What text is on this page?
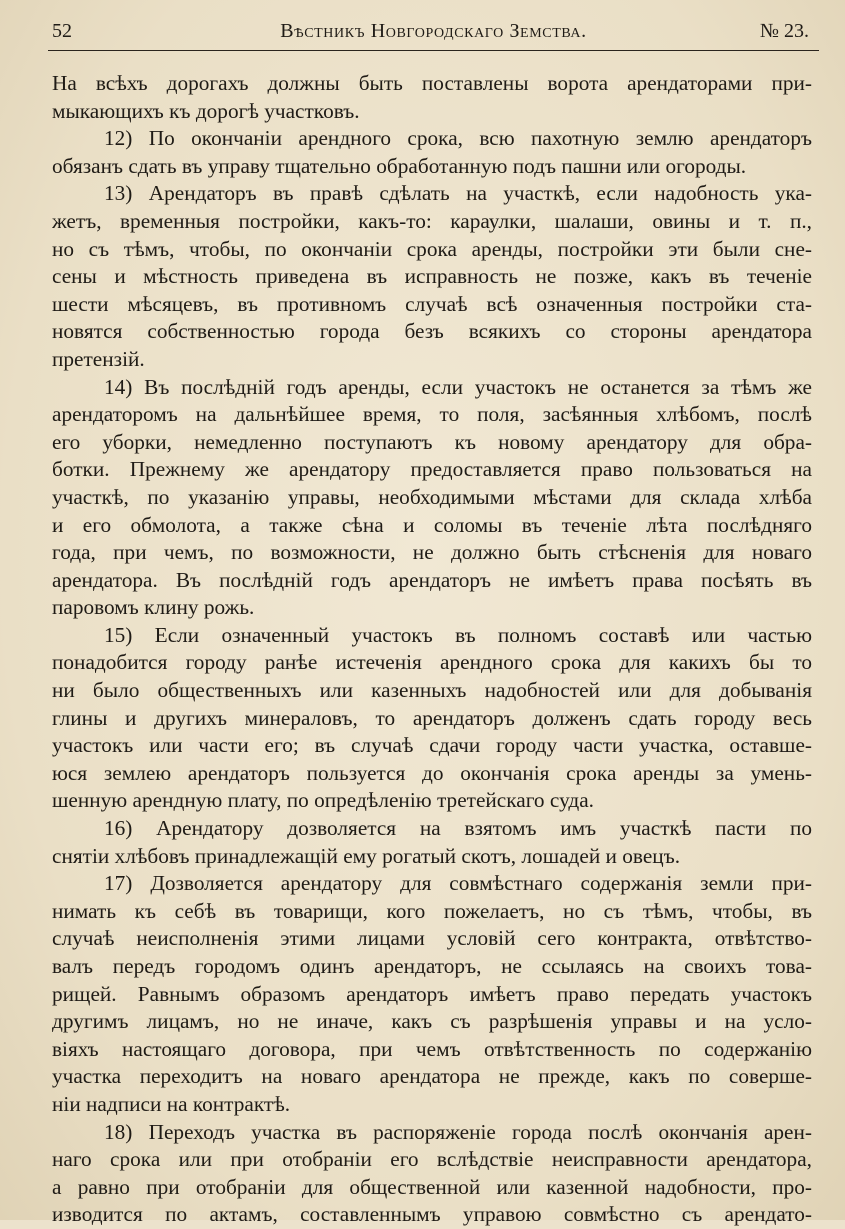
52	Вѣстникъ Новгородскаго Земства.	№ 23.
На всѣхъ дорогахъ должны быть поставлены ворота арендаторами при-
мыкающихъ къ дорогѣ участковъ.
12) По окончаніи арендного срока, всю пахотную землю арендаторъ
обязанъ сдать въ управу тщательно обработанную подъ пашни или огороды.
13) Арендаторъ въ правѣ сдѣлать на участкѣ, если надобность ука-
жетъ, временныя постройки, какъ-то: караулки, шалаши, овины и т. п.,
но съ тѣмъ, чтобы, по окончаніи срока аренды, постройки эти были сне-
сены и мѣстность приведена въ исправность не позже, какъ въ теченіе
шести мѣсяцевъ, въ противномъ случаѣ всѣ означенныя постройки ста-
новятся собственностью города безъ всякихъ со стороны арендатора
претензій.
14) Въ послѣдній годъ аренды, если участокъ не останется за тѣмъ же
арендаторомъ на дальнѣйшее время, то поля, засѣянныя хлѣбомъ, послѣ
его уборки, немедленно поступаютъ къ новому арендатору для обра-
ботки. Прежнему же арендатору предоставляется право пользоваться на
участкѣ, по указанію управы, необходимыми мѣстами для склада хлѣба
и его обмолота, а также сѣна и соломы въ теченіе лѣта послѣдняго
года, при чемъ, по возможности, не должно быть стѣсненія для новаго
арендатора. Въ послѣдній годъ арендаторъ не имѣетъ права посѣять въ
паровомъ клину рожь.
15) Если означенный участокъ въ полномъ составѣ или частью
понадобится городу ранѣе истеченія арендного срока для какихъ бы то
ни было общественныхъ или казенныхъ надобностей или для добыванія
глины и другихъ минераловъ, то арендаторъ долженъ сдать городу весь
участокъ или части его; въ случаѣ сдачи городу части участка, оставше-
юся землею арендаторъ пользуется до окончанія срока аренды за умень-
шенную арендную плату, по опредѣленію третейскаго суда.
16) Арендатору дозволяется на взятомъ имъ участкѣ пасти по
снятіи хлѣбовъ принадлежащій ему рогатый скотъ, лошадей и овецъ.
17) Дозволяется арендатору для совмѣстнаго содержанія земли при-
нимать къ себѣ въ товарищи, кого пожелаетъ, но съ тѣмъ, чтобы, въ
случаѣ неисполненія этими лицами условій сего контракта, отвѣтство-
валъ передъ городомъ одинъ арендаторъ, не ссылаясь на своихъ това-
рищей. Равнымъ образомъ арендаторъ имѣетъ право передать участокъ
другимъ лицамъ, но не иначе, какъ съ разрѣшенія управы и на усло-
віяхъ настоящаго договора, при чемъ отвѣтственность по содержанію
участка переходитъ на новаго арендатора не прежде, какъ по соверше-
ніи надписи на контрактѣ.
18) Переходъ участка въ распоряженіе города послѣ окончанія арен-
наго срока или при отобраніи его вслѣдствіе неисправности арендатора,
а равно при отобраніи для общественной или казенной надобности, про-
изводится по актамъ, составленнымъ управою совмѣстно съ арендато-
